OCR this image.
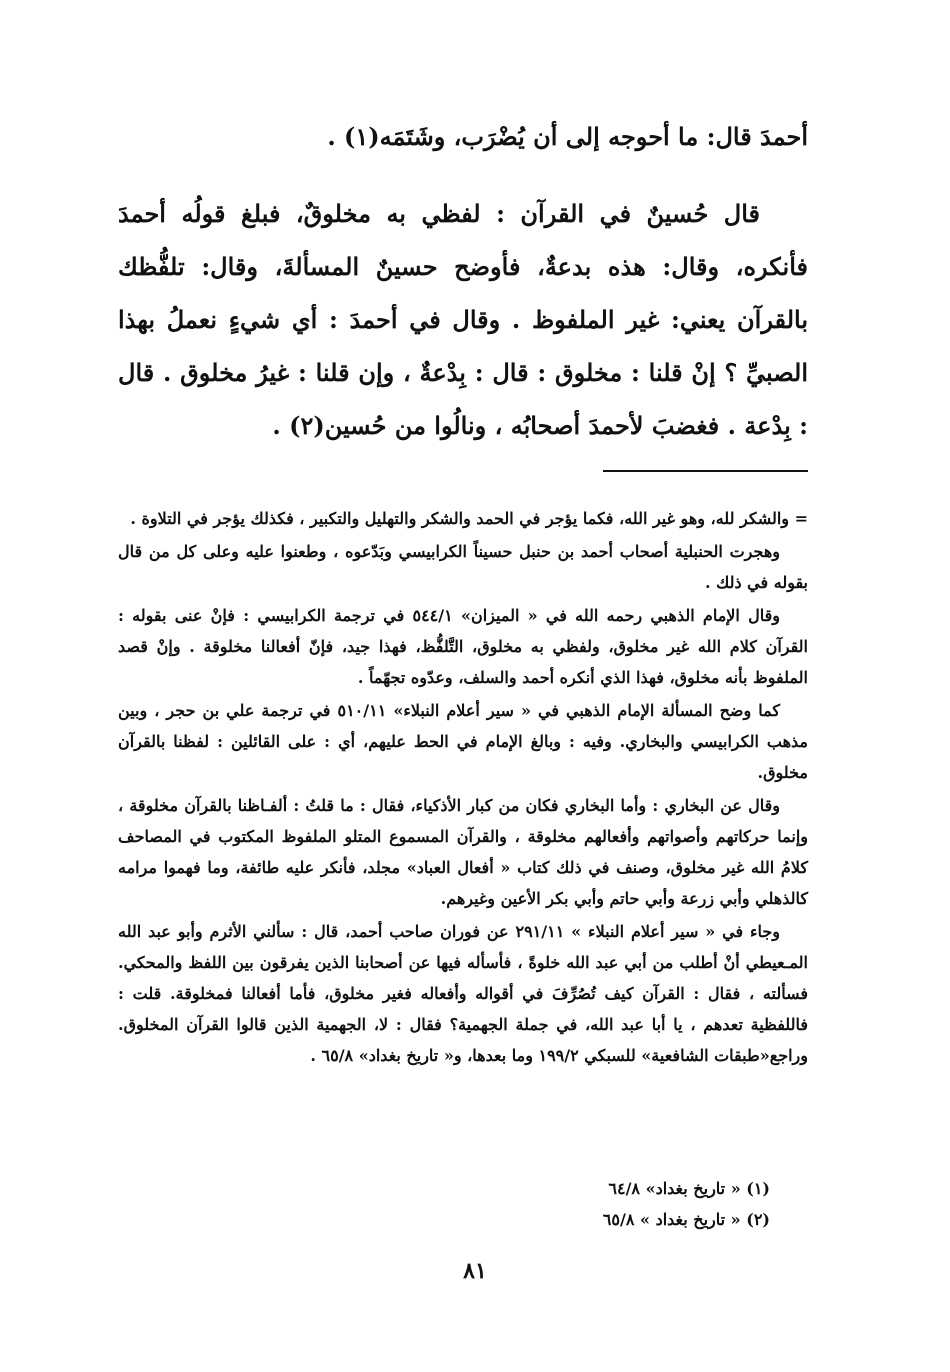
أحمدَ قال: ما أحوجه إلى أن يُضْرَب، وشَتَمَه(١) .

قال حُسينٌ في القرآن : لفظي به مخلوقٌ، فبلغ قولُه أحمدَ فأنكره، وقال: هذه بدعةٌ، فأوضح حسينٌ المسألةَ، وقال: تلفُّظك بالقرآن يعني: غير الملفوظ . وقال في أحمدَ : أي شيءٍ نعملُ بهذا الصبيِّ ؟ إنْ قلنا : مخلوق : قال : بِدْعةٌ ، وإن قلنا : غيرُ مخلوق . قال : بِدْعة . فغضبَ لأحمدَ أصحابُه ، ونالُوا من حُسين(٢) .

= والشكر لله، وهو غير الله، فكما يؤجر في الحمد والشكر والتهليل والتكبير ، فكذلك يؤجر في التلاوة .

وهجرت الحنبلية أصحاب أحمد بن حنبل حسيناً الكرابيسي وبَدّعوه ، وطعنوا عليه وعلى كل من قال بقوله في ذلك .

وقال الإمام الذهبي رحمه الله في « الميزان» ٥٤٤/١ في ترجمة الكرابيسي : فإنْ عنى بقوله : القرآن كلام الله غير مخلوق، ولفظي به مخلوق، التَّلفُّظ، فهذا جيد، فإنّ أفعالنا مخلوقة . وإنْ قصد الملفوظ بأنه مخلوق، فهذا الذي أنكره أحمد والسلف، وعدّوه تجهّماً .

كما وضح المسألة الإمام الذهبي في « سير أعلام النبلاء» ٥١٠/١١ في ترجمة علي بن حجر ، وبين مذهب الكرابيسي والبخاري. وفيه : وبالغ الإمام في الحط عليهم، أي : على القائلين : لفظنا بالقرآن مخلوق.

وقال عن البخاري : وأما البخاري فكان من كبار الأذكياء، فقال : ما قلتُ : ألفـاظنا بالقرآن مخلوقة ، وإنما حركاتهم وأصواتهم وأفعالهم مخلوقة ، والقرآن المسموع المتلو الملفوظ المكتوب في المصاحف كلامُ الله غير مخلوق، وصنف في ذلك كتاب « أفعال العباد» مجلد، فأنكر عليه طائفة، وما فهموا مرامه كالذهلي وأبي زرعة وأبي حاتم وأبي بكر الأعين وغيرهم.

وجاء في « سير أعلام النبلاء » ٢٩١/١١ عن فوران صاحب أحمد، قال : سألني الأثرم وأبو عبد الله المـعيطي أنْ أطلب من أبي عبد الله خلوةً ، فأسأله فيها عن أصحابنا الذين يفرقون بين اللفظ والمحكي. فسألته ، فقال : القرآن كيف تُصُرِّفَ في أقواله وأفعاله فغير مخلوق، فأما أفعالنا فمخلوقة. قلت : فاللفظية تعدهم ، يا أبا عبد الله، في جملة الجهمية؟ فقال : لا، الجهمية الذين قالوا القرآن المخلوق. وراجع«طبقات الشافعية» للسبكي ١٩٩/٢ وما بعدها، و« تاريخ بغداد» ٦٥/٨ .

(١) « تاريخ بغداد» ٦٤/٨
(٢) « تاريخ بغداد » ٦٥/٨
٨١
